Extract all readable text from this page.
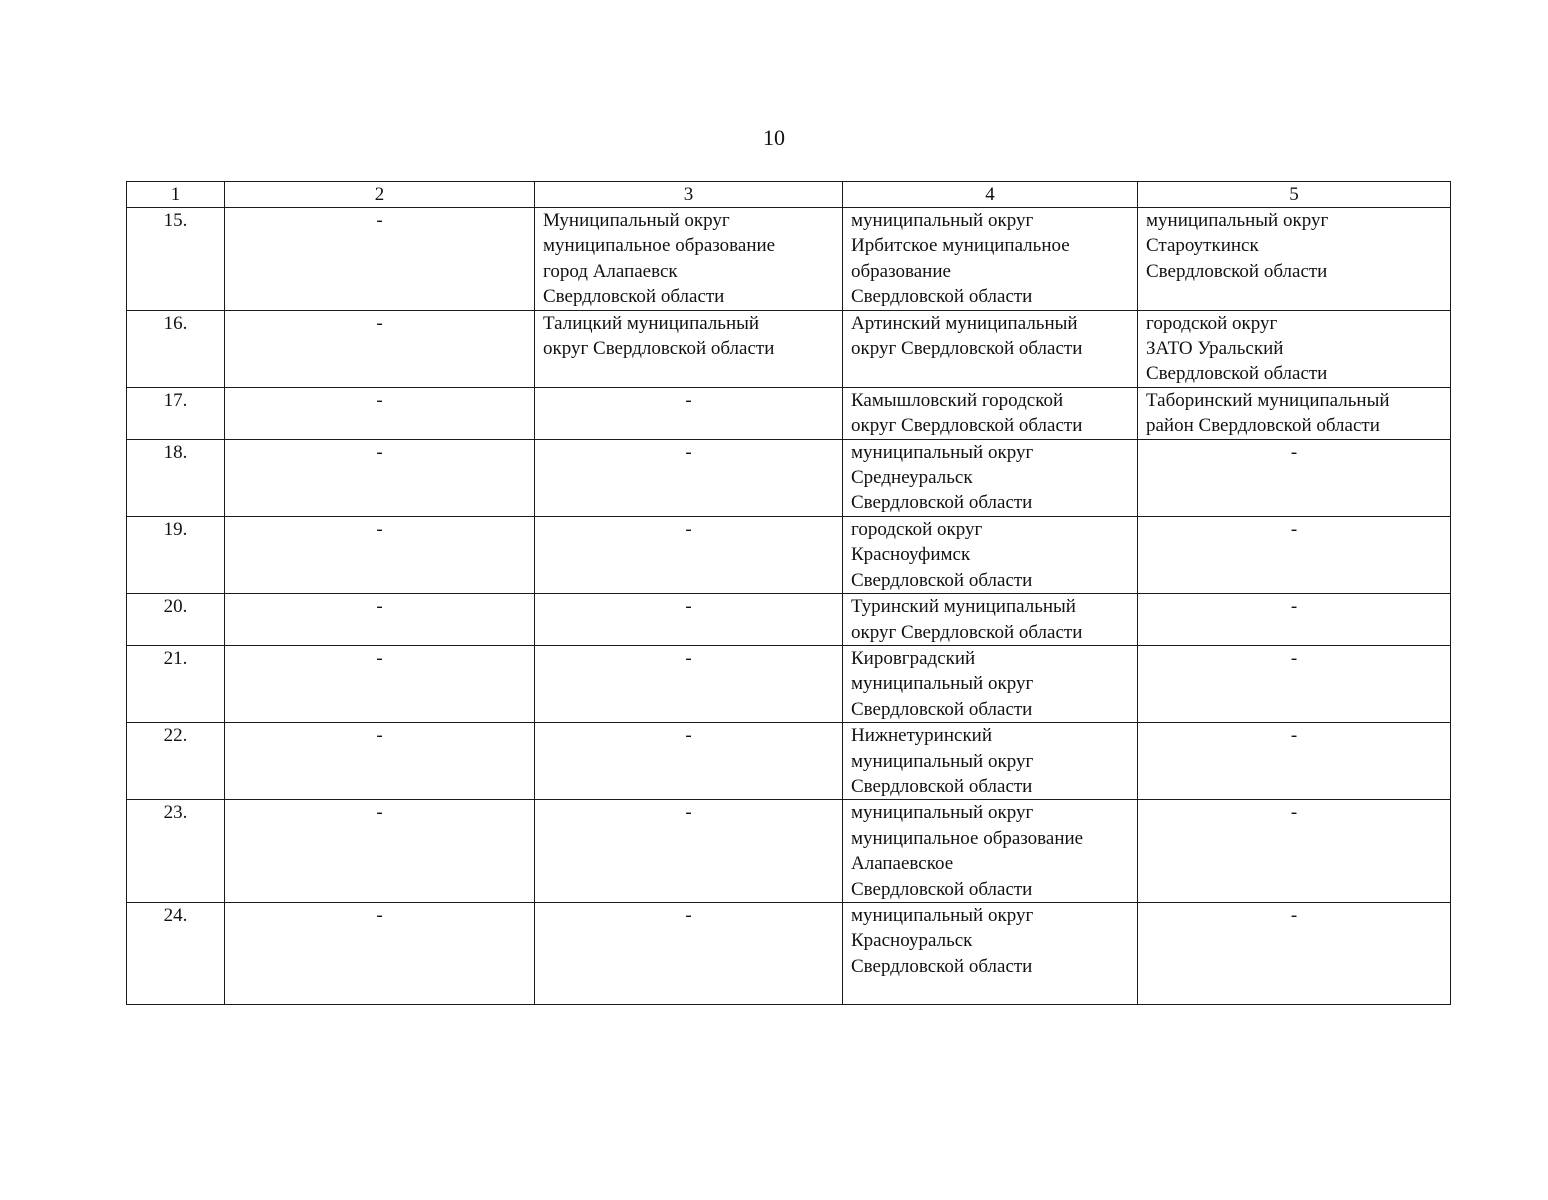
10
1	2	3	4	5
15.	-	Муниципальный округ
муниципальное образование
город Алапаевск
Свердловской области	муниципальный округ
Ирбитское муниципальное
образование
Свердловской области	муниципальный округ
Староуткинск
Свердловской области

16.	-	Талицкий муниципальный
округ Свердловской области	Артинский муниципальный
округ Свердловской области	городской округ
ЗАТО Уральский
Свердловской области

17.	-	-	Камышловский городской
округ Свердловской области	Таборинский муниципальный
район Свердловской области

18.	-	-	муниципальный округ
Среднеуральск
Свердловской области	-

19.	-	-	городской округ
Красноуфимск
Свердловской области	-

20.	-	-	Туринский муниципальный
округ Свердловской области	-

21.	-	-	Кировградский
муниципальный округ
Свердловской области	-

22.	-	-	Нижнетуринский
муниципальный округ
Свердловской области	-

23.	-	-	муниципальный округ
муниципальное образование
Алапаевское
Свердловской области	-

24.	-	-	муниципальный округ
Красноуральск
Свердловской области	-
